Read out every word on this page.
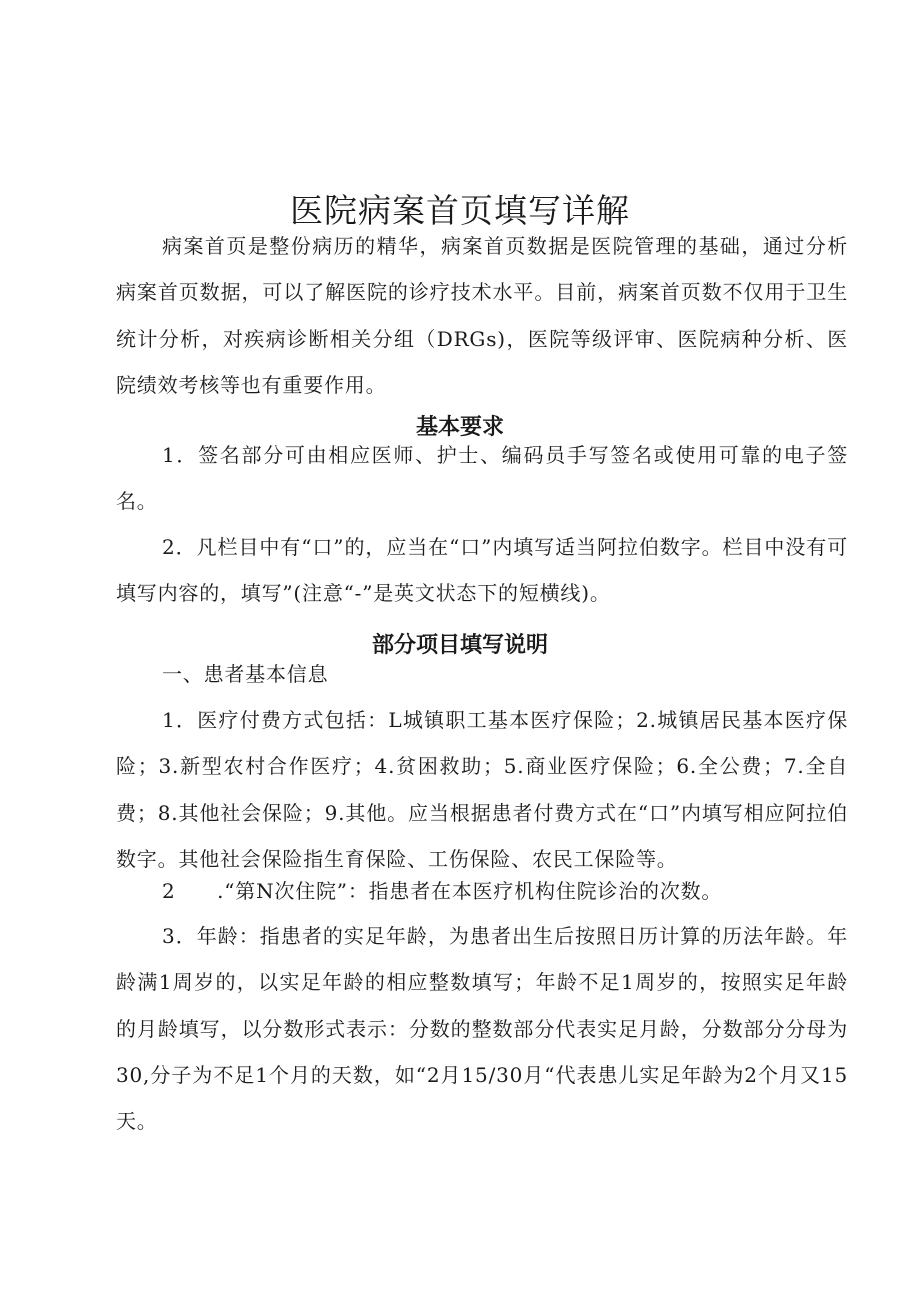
医院病案首页填写详解

病案首页是整份病历的精华，病案首页数据是医院管理的基础，通过分析病案首页数据，可以了解医院的诊疗技术水平。目前，病案首页数不仅用于卫生统计分析，对疾病诊断相关分组（DRGs)，医院等级评审、医院病种分析、医院绩效考核等也有重要作用。

基本要求

1．签名部分可由相应医师、护士、编码员手写签名或使用可靠的电子签名。

2．凡栏目中有“口”的，应当在“口”内填写适当阿拉伯数字。栏目中没有可填写内容的，填写”(注意“-”是英文状态下的短横线)。

部分项目填写说明

一、患者基本信息

1．医疗付费方式包括：L城镇职工基本医疗保险；2.城镇居民基本医疗保险；3.新型农村合作医疗；4.贫困救助；5.商业医疗保险；6.全公费；7.全自费；8.其他社会保险；9.其他。应当根据患者付费方式在“口”内填写相应阿拉伯数字。其他社会保险指生育保险、工伤保险、农民工保险等。

2　　.“第N次住院”：指患者在本医疗机构住院诊治的次数。

3．年龄：指患者的实足年龄，为患者出生后按照日历计算的历法年龄。年龄满1周岁的，以实足年龄的相应整数填写；年龄不足1周岁的，按照实足年龄的月龄填写，以分数形式表示：分数的整数部分代表实足月龄，分数部分分母为30,分子为不足1个月的天数，如“2月15/30月“代表患儿实足年龄为2个月又15天。
